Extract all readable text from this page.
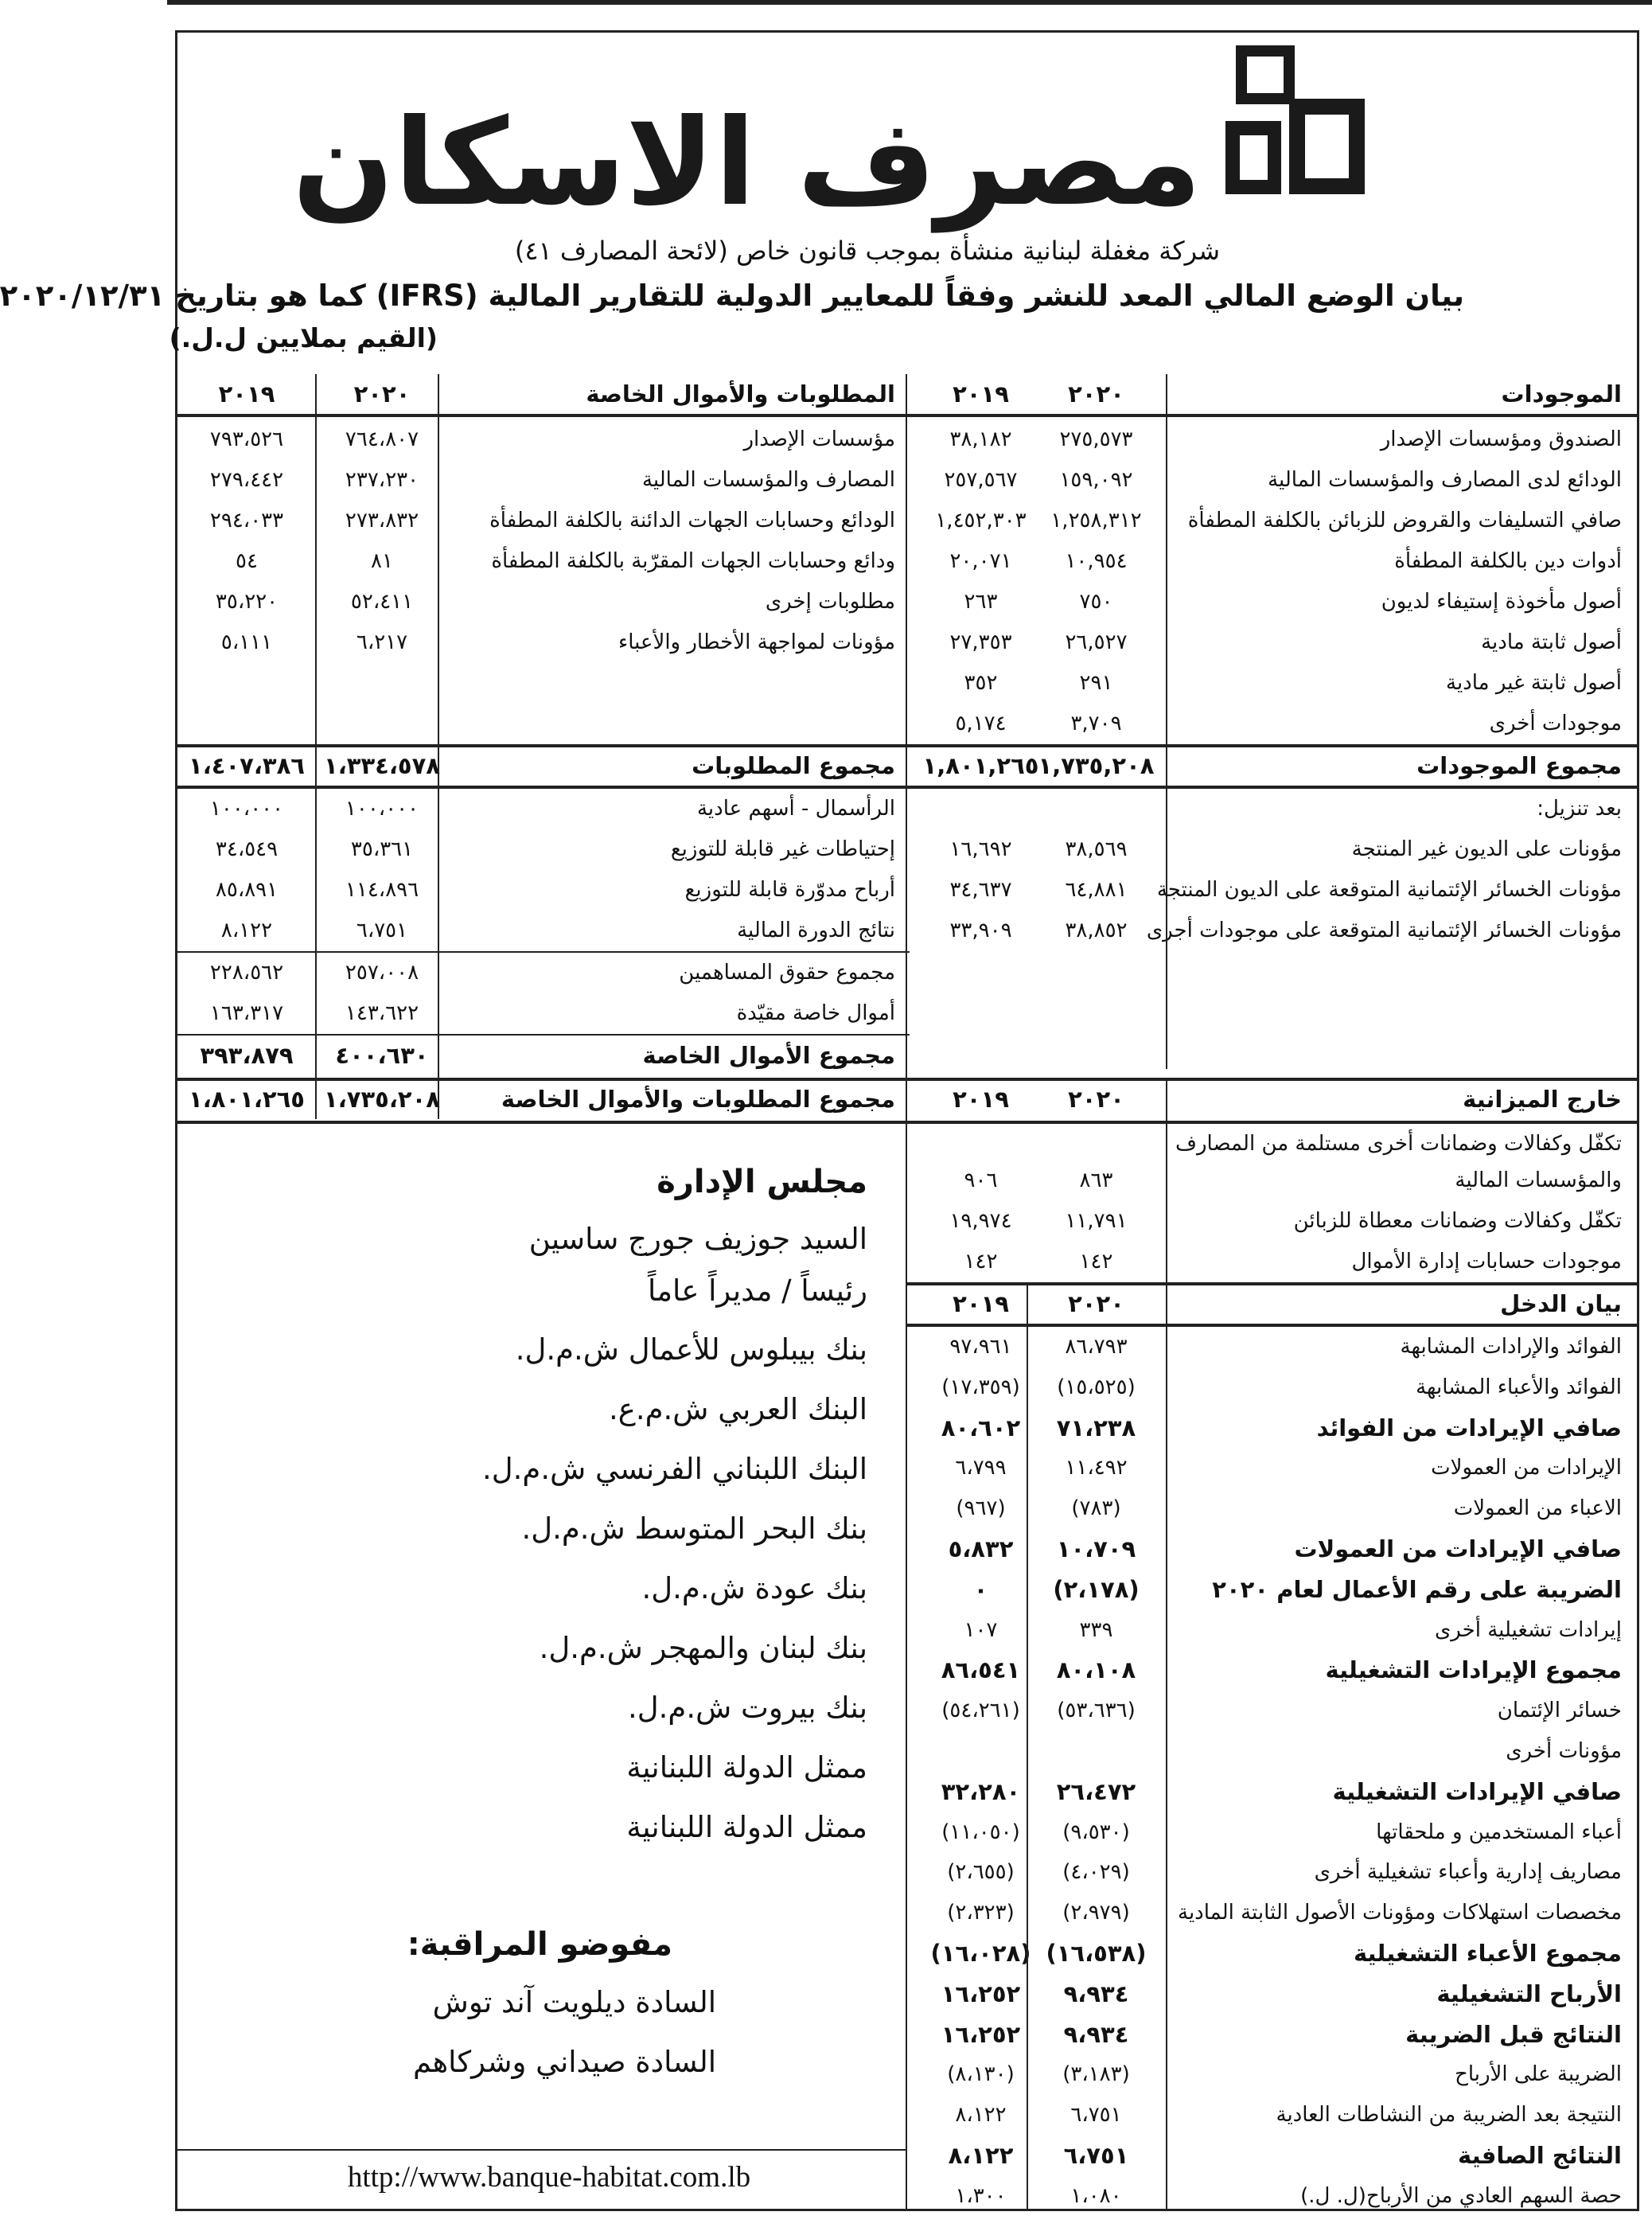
مصرف الاسكان
شركة مغفلة لبنانية منشأة بموجب قانون خاص (لائحة المصارف ٤١)
بيان الوضع المالي المعد للنشر وفقاً للمعايير الدولية للتقارير المالية (IFRS) كما هو بتاريخ ٢٠٢٠/١٢/٣١
(القيم بملايين ل.ل.)
الموجودات
٢٠٢٠
٢٠١٩
المطلوبات والأموال الخاصة
٢٠٢٠
٢٠١٩
الصندوق ومؤسسات الإصدار
٢٧٥,٥٧٣
٣٨,١٨٢
الودائع لدى المصارف والمؤسسات المالية
١٥٩,٠٩٢
٢٥٧,٥٦٧
صافي التسليفات والقروض للزبائن بالكلفة المطفأة
١,٢٥٨,٣١٢
١,٤٥٢,٣٠٣
أدوات دين بالكلفة المطفأة
١٠,٩٥٤
٢٠,٠٧١
أصول مأخوذة إستيفاء لديون
٧٥٠
٢٦٣
أصول ثابتة مادية
٢٦,٥٢٧
٢٧,٣٥٣
أصول ثابتة غير مادية
٢٩١
٣٥٢
موجودات أخرى
٣,٧٠٩
٥,١٧٤
مؤسسات الإصدار
٧٦٤،٨٠٧
٧٩٣،٥٢٦
المصارف والمؤسسات المالية
٢٣٧،٢٣٠
٢٧٩،٤٤٢
الودائع وحسابات الجهات الدائنة بالكلفة المطفأة
٢٧٣،٨٣٢
٢٩٤،٠٣٣
ودائع وحسابات الجهات المقرّبة بالكلفة المطفأة
٨١
٥٤
مطلوبات إخرى
٥٢،٤١١
٣٥،٢٢٠
مؤونات لمواجهة الأخطار والأعباء
٦،٢١٧
٥،١١١
مجموع الموجودات
١,٧٣٥,٢٠٨
١,٨٠١,٢٦٥
مجموع المطلوبات
١،٣٣٤،٥٧٨
١،٤٠٧،٣٨٦
بعد تنزيل:
مؤونات على الديون غير المنتجة
٣٨,٥٦٩
١٦,٦٩٢
مؤونات الخسائر الإئتمانية المتوقعة على الديون المنتجة
٦٤,٨٨١
٣٤,٦٣٧
مؤونات الخسائر الإئتمانية المتوقعة على موجودات أجرى
٣٨,٨٥٢
٣٣,٩٠٩
الرأسمال - أسهم عادية
١٠٠،٠٠٠
١٠٠،٠٠٠
إحتياطات غير قابلة للتوزيع
٣٥،٣٦١
٣٤،٥٤٩
أرباح مدوّرة قابلة للتوزيع
١١٤،٨٩٦
٨٥،٨٩١
نتائج الدورة المالية
٦،٧٥١
٨،١٢٢
مجموع حقوق المساهمين
٢٥٧،٠٠٨
٢٢٨،٥٦٢
أموال خاصة مقيّدة
١٤٣،٦٢٢
١٦٣،٣١٧
مجموع الأموال الخاصة
٤٠٠،٦٣٠
٣٩٣،٨٧٩
مجموع المطلوبات والأموال الخاصة
١،٧٣٥،٢٠٨
١،٨٠١،٢٦٥	خارج الميزانية
٢٠٢٠
٢٠١٩
تكفّل وكفالات وضمانات أخرى مستلمة من المصارف
والمؤسسات المالية
٨٦٣
٩٠٦
تكفّل وكفالات وضمانات معطاة للزبائن
١١,٧٩١
١٩,٩٧٤
موجودات حسابات إدارة الأموال
١٤٢
١٤٢
بيان الدخل
٢٠٢٠
٢٠١٩
الفوائد والإرادات المشابهة
٨٦،٧٩٣
٩٧،٩٦١
الفوائد والأعباء المشابهة
(١٥،٥٢٥)
(١٧،٣٥٩)
صافي الإيرادات من الفوائد
٧١،٢٣٨
٨٠،٦٠٢
الإيرادات من العمولات
١١،٤٩٢
٦،٧٩٩
الاعباء من العمولات
(٧٨٣)
(٩٦٧)
صافي الإيرادات من العمولات
١٠،٧٠٩
٥،٨٣٢
الضريبة على رقم الأعمال لعام ٢٠٢٠
(٢،١٧٨)
٠
إيرادات تشغيلية أخرى
٣٣٩
١٠٧
مجموع الإيرادات التشغيلية
٨٠،١٠٨
٨٦،٥٤١
خسائر الإئتمان
(٥٣،٦٣٦)
(٥٤،٢٦١)
مؤونات أخرى
صافي الإيرادات التشغيلية
٢٦،٤٧٢
٣٢،٢٨٠
أعباء المستخدمين و ملحقاتها
(٩،٥٣٠)
(١١،٠٥٠)
مصاريف إدارية وأعباء تشغيلية أخرى
(٤،٠٢٩)
(٢،٦٥٥)
مخصصات استهلاكات ومؤونات الأصول الثابتة المادية
(٢،٩٧٩)
(٢،٣٢٣)
مجموع الأعباء التشغيلية
(١٦،٥٣٨)
(١٦،٠٢٨)
الأرباح التشغيلية
٩،٩٣٤
١٦،٢٥٢
النتائج قبل الضريبة
٩،٩٣٤
١٦،٢٥٢
الضريبة على الأرباح
(٣،١٨٣)
(٨،١٣٠)
النتيجة بعد الضريبة من النشاطات العادية
٦،٧٥١
٨،١٢٢
النتائج الصافية
٦،٧٥١
٨،١٢٢
حصة السهم العادي من الأرباح(ل. ل.)
١،٠٨٠
١،٣٠٠
مجلس الإدارة
السيد جوزيف جورج ساسين
رئيساً / مديراً عاماً
بنك بيبلوس للأعمال ش.م.ل.
البنك العربي ش.م.ع.
البنك اللبناني الفرنسي ش.م.ل.
بنك البحر المتوسط ش.م.ل.
بنك عودة ش.م.ل.
بنك لبنان والمهجر ش.م.ل.
بنك بيروت ش.م.ل.
ممثل الدولة اللبنانية
ممثل الدولة اللبنانية
مفوضو المراقبة:
السادة ديلويت آند توش
السادة صيداني وشركاهم
http://www.banque-habitat.com.lb
